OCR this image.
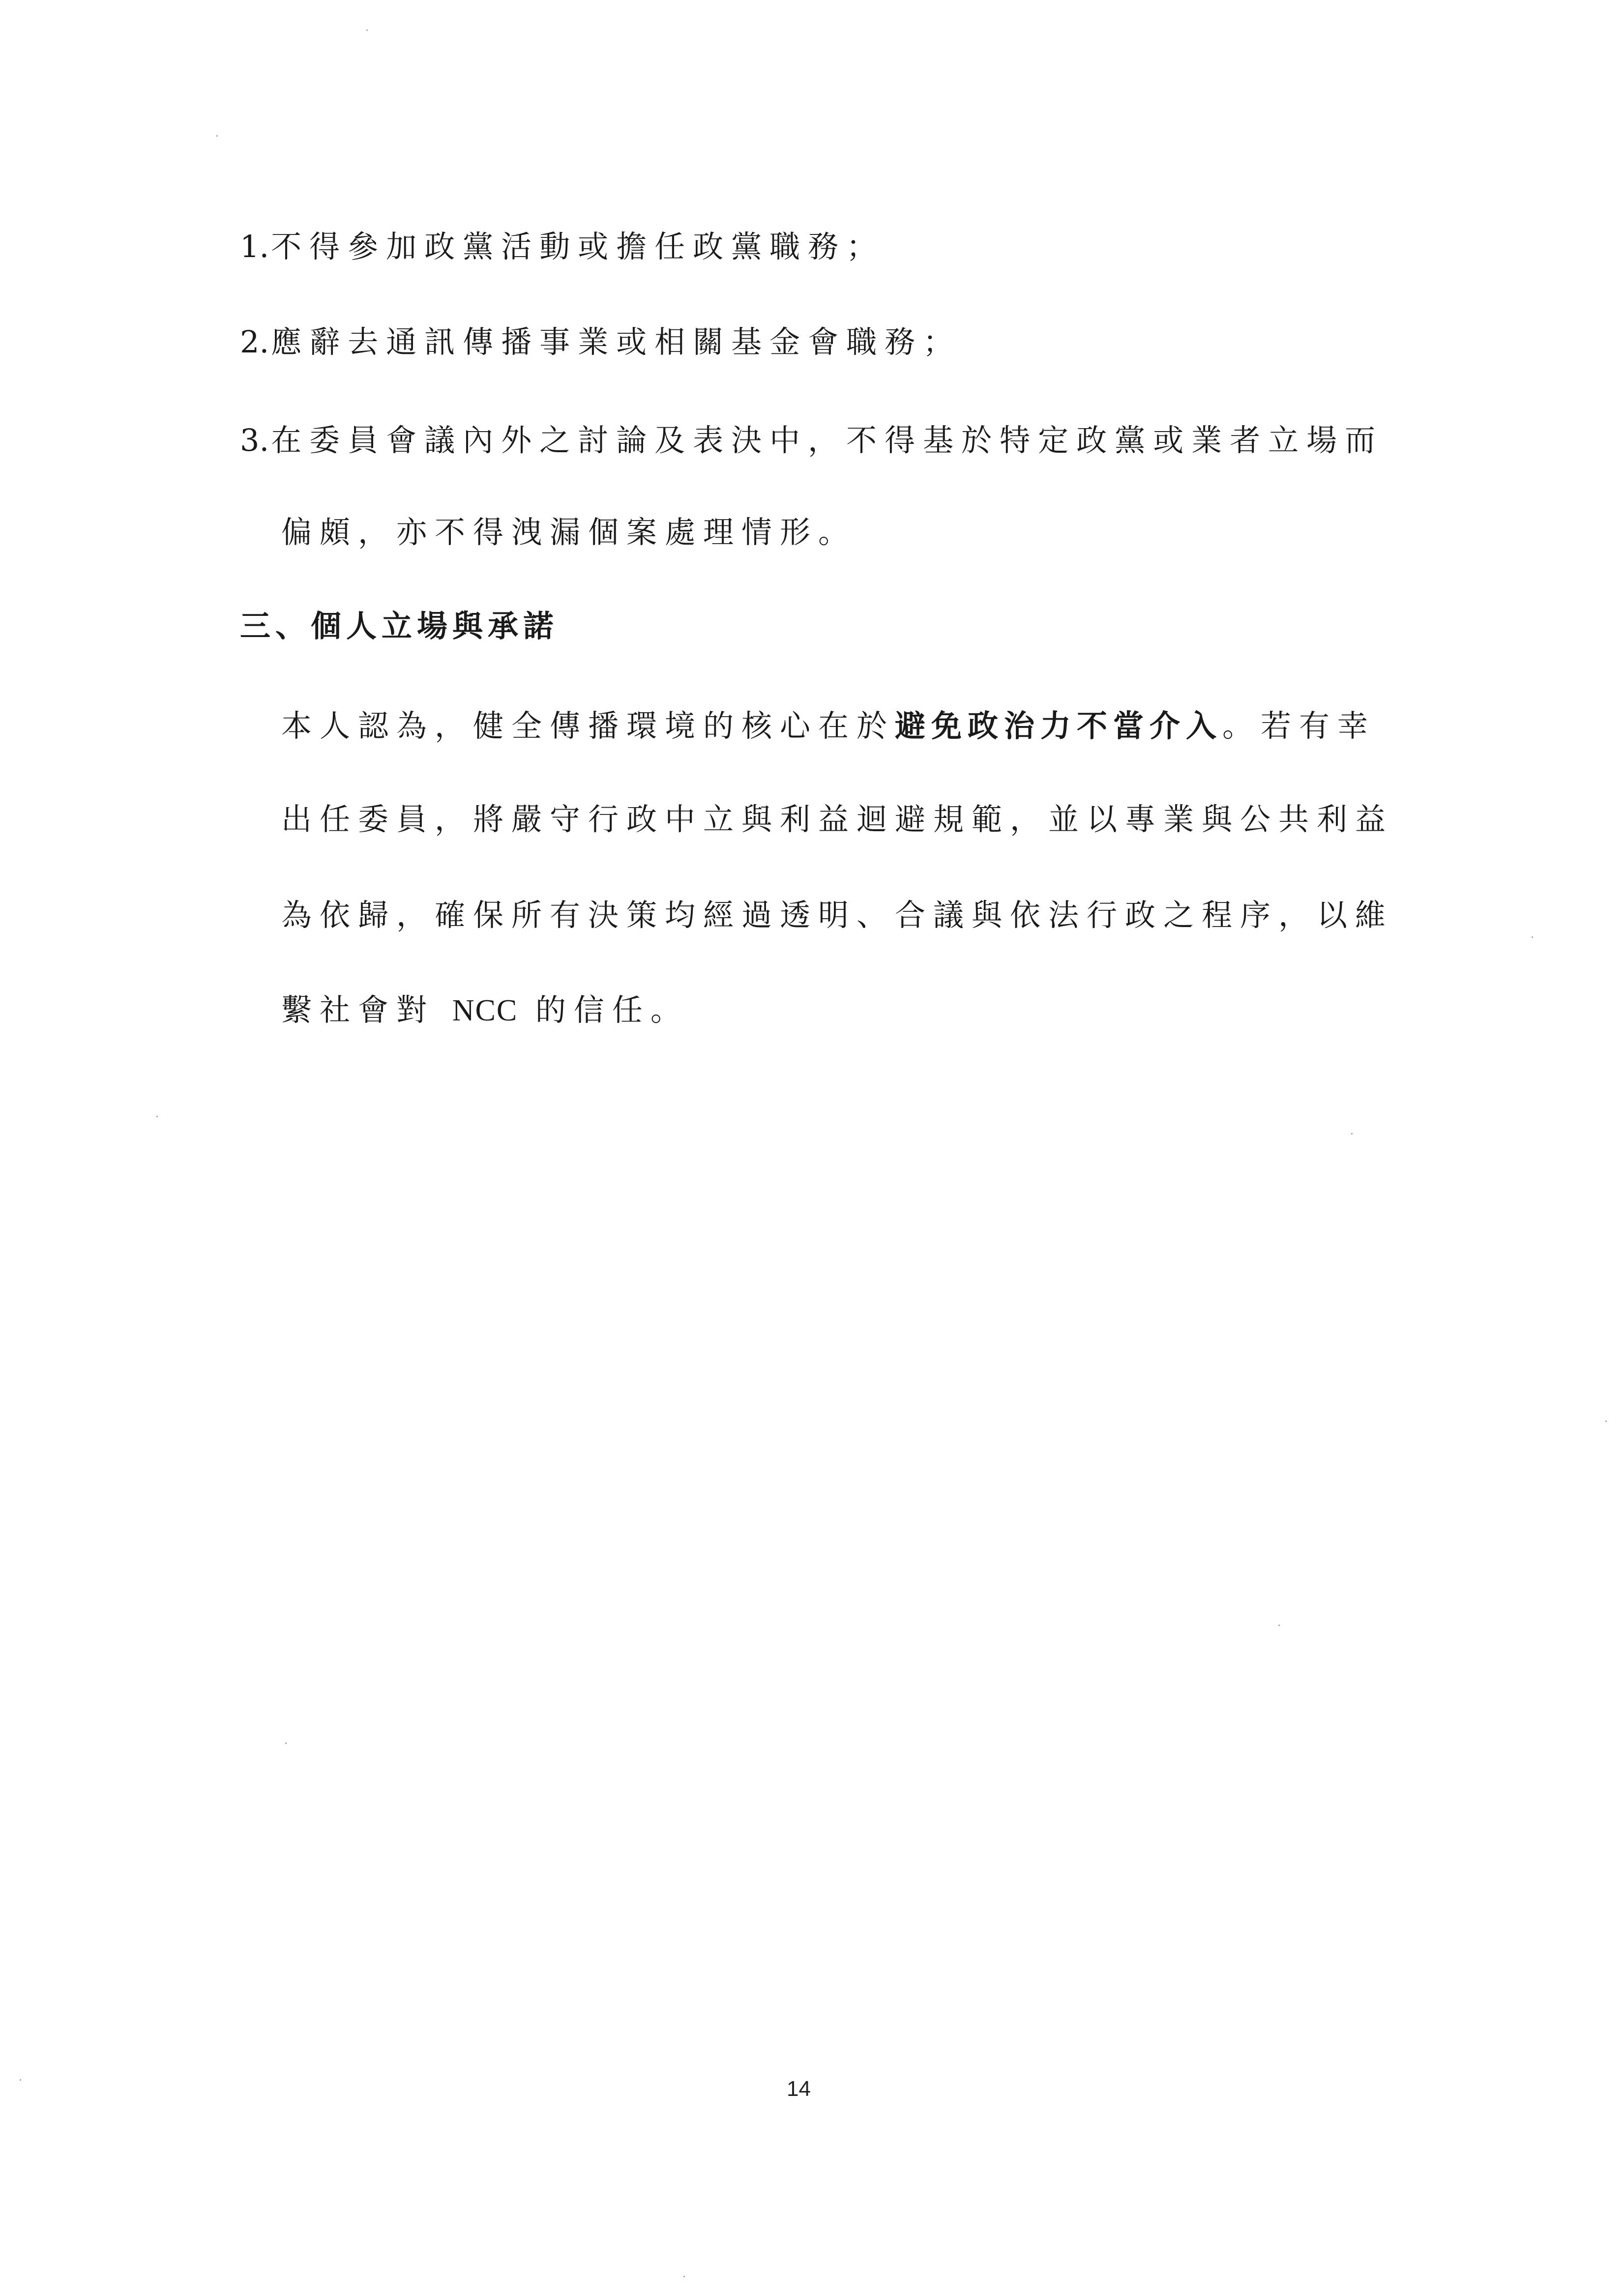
1.不得參加政黨活動或擔任政黨職務；
2.應辭去通訊傳播事業或相關基金會職務；
3.在委員會議內外之討論及表決中，不得基於特定政黨或業者立場而
偏頗，亦不得洩漏個案處理情形。
三、個人立場與承諾
本人認為，健全傳播環境的核心在於避免政治力不當介入。若有幸
出任委員，將嚴守行政中立與利益迴避規範，並以專業與公共利益
為依歸，確保所有決策均經過透明、合議與依法行政之程序，以維
繫社會對 NCC 的信任。
14
